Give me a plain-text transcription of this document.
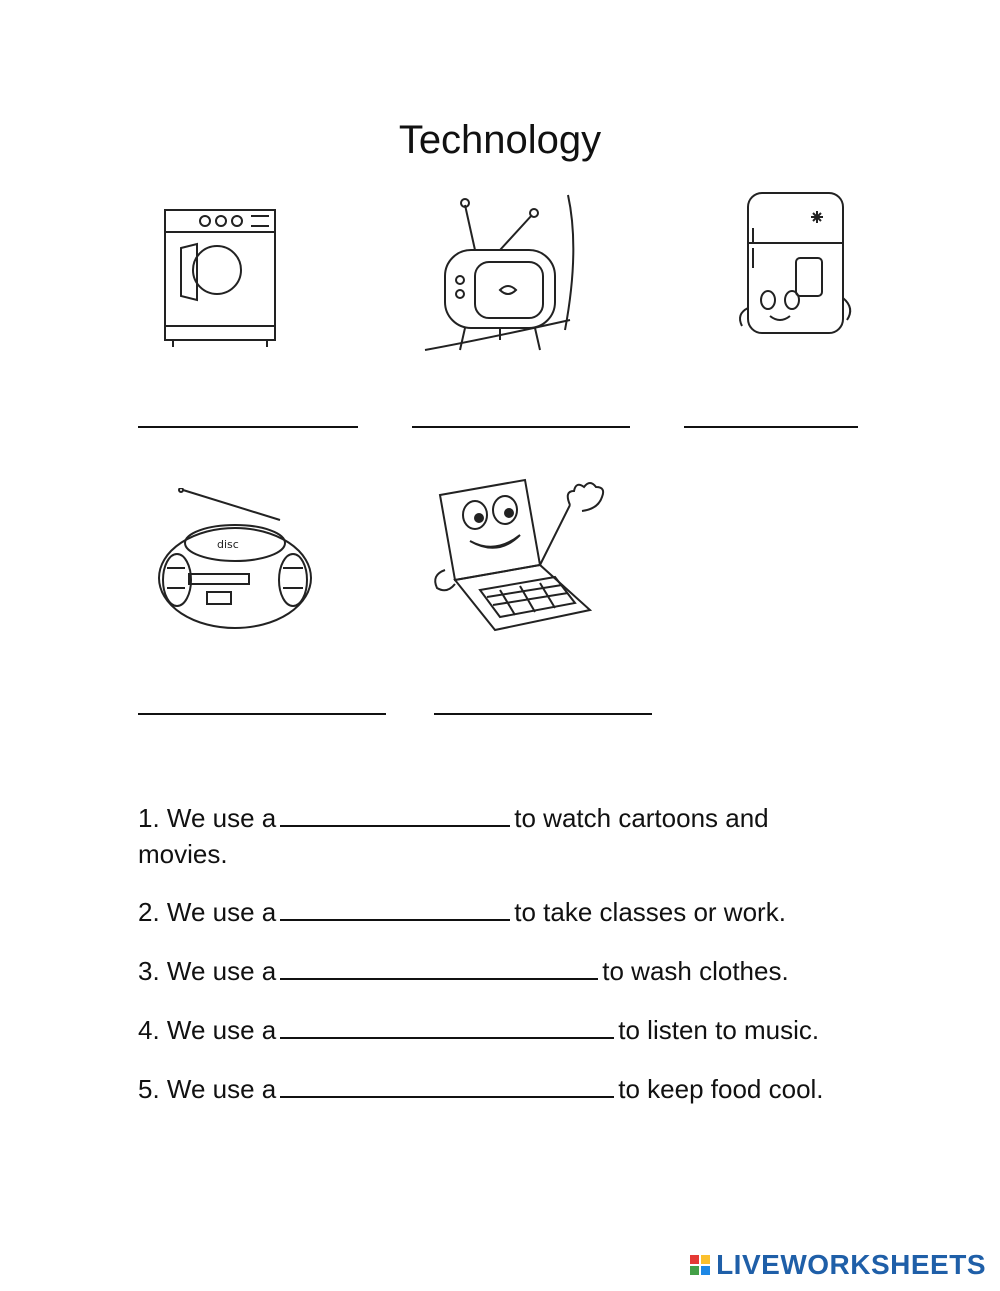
Technology
disc
1. We use a	to watch cartoons and
movies.
2. We use a	to take classes or work.
3. We use a	to wash clothes.
4. We use a	to listen to music.
5. We use a	to keep food cool.
LIVEWORKSHEETS
